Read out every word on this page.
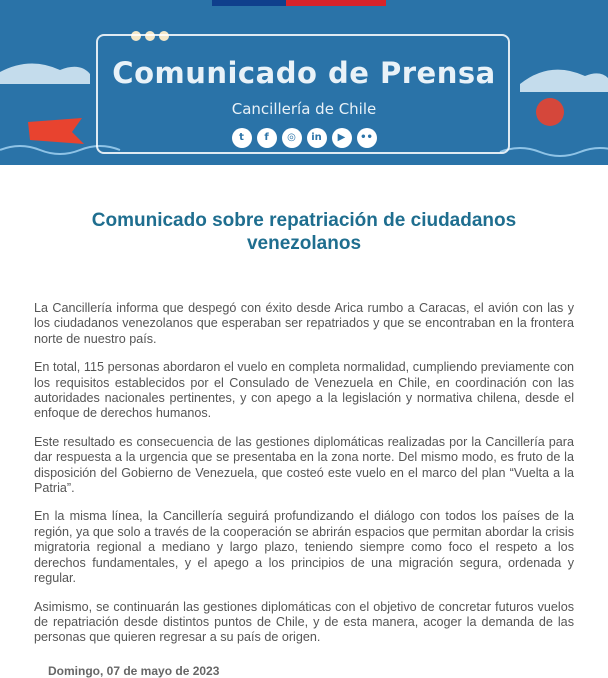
Comunicado de Prensa
Cancillería de Chile
t	f	◎	in	▶	••
Comunicado sobre repatriación de ciudadanos venezolanos

La Cancillería informa que despegó con éxito desde Arica rumbo a Caracas, el avión con las y los ciudadanos venezolanos que esperaban ser repatriados y que se encontraban en la frontera norte de nuestro país.

En total, 115 personas abordaron el vuelo en completa normalidad, cumpliendo previamente con los requisitos establecidos por el Consulado de Venezuela en Chile, en coordinación con las autoridades nacionales pertinentes, y con apego a la legislación y normativa chilena, desde el enfoque de derechos humanos.

Este resultado es consecuencia de las gestiones diplomáticas realizadas por la Cancillería para dar respuesta a la urgencia que se presentaba en la zona norte. Del mismo modo, es fruto de la disposición del Gobierno de Venezuela, que costeó este vuelo en el marco del plan “Vuelta a la Patria”.

En la misma línea, la Cancillería seguirá profundizando el diálogo con todos los países de la región, ya que solo a través de la cooperación se abrirán espacios que permitan abordar la crisis migratoria regional a mediano y largo plazo, teniendo siempre como foco el respeto a los derechos fundamentales, y el apego a los principios de una migración segura, ordenada y regular.

Asimismo, se continuarán las gestiones diplomáticas con el objetivo de concretar futuros vuelos de repatriación desde distintos puntos de Chile, y de esta manera, acoger la demanda de las personas que quieren regresar a su país de origen.

Domingo, 07 de mayo de 2023
